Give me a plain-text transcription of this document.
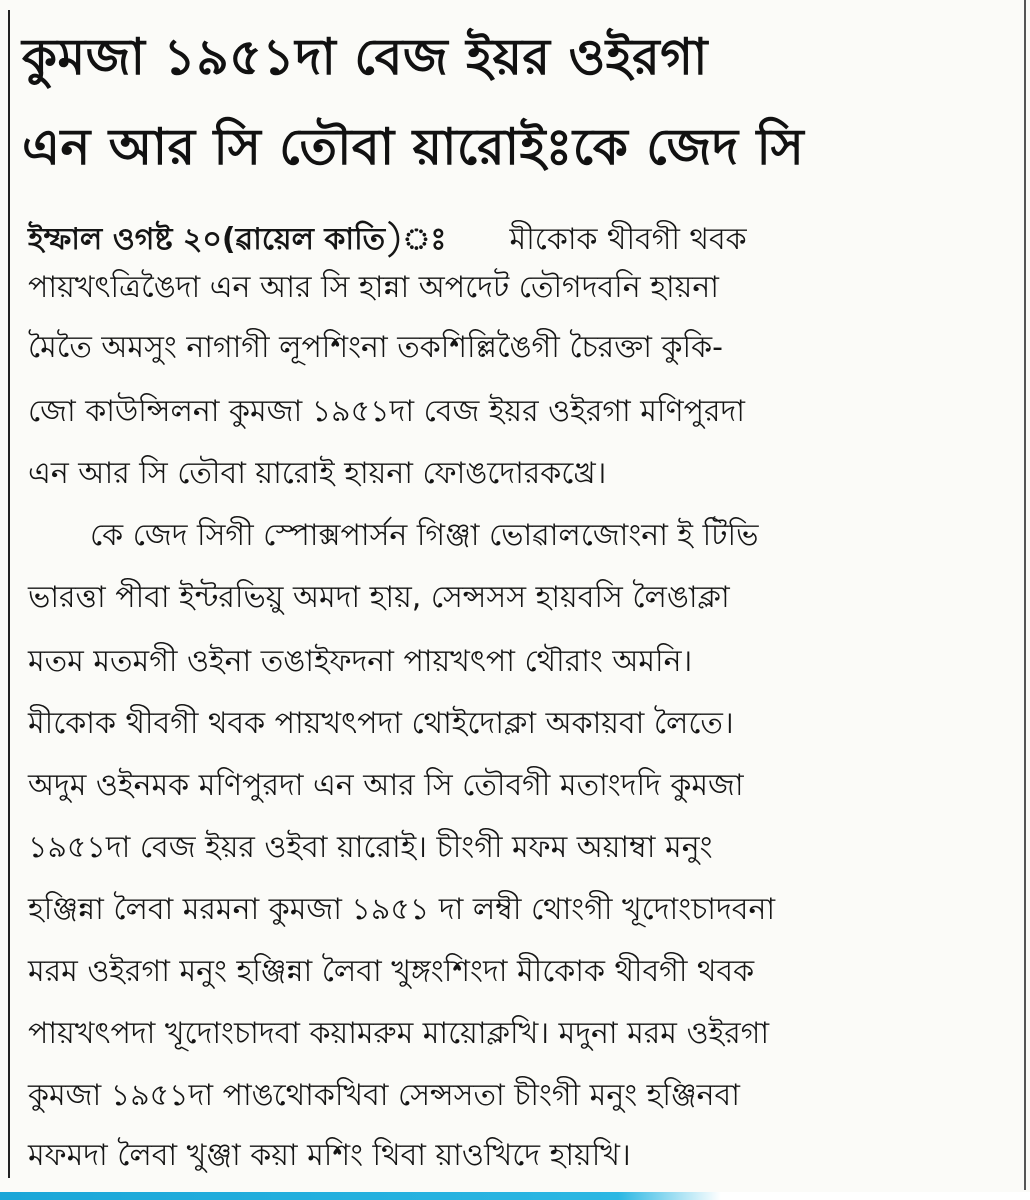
কুমজা ১৯৫১দা বেজ ইয়র ওইরগা
এন আর সি তৌবা য়ারোইঃকে জেদ সি
ইম্ফাল ওগষ্ট ২০(ৱায়েল কাতি)ঃ মীকোক থীবগী থবক
পায়খৎত্রিঙৈদা এন আর সি হান্না অপদেট তৌগদবনি হায়না
মৈতৈ অমসুং নাগাগী লূপশিংনা তকশিল্লিঙৈগী চৈরক্তা কুকি-
জো কাউন্সিলনা কুমজা ১৯৫১দা বেজ ইয়র ওইরগা মণিপুরদা
এন আর সি তৌবা য়ারোই হায়না ফোঙদোরকখ্রে।
কে জেদ সিগী স্পোক্সপার্সন গিঞ্জা ভোৱালজোংনা ই টিভি
ভারত্তা পীবা ইন্টরভিয়ু অমদা হায়, সেন্সসস হায়বসি লৈঙাক্লা
মতম মতমগী ওইনা তঙাইফদনা পায়খৎপা থৌরাং অমনি।
মীকোক থীবগী থবক পায়খৎপদা থোইদোক্লা অকায়বা লৈতে।
অদুম ওইনমক মণিপুরদা এন আর সি তৌবগী মতাংদদি কুমজা
১৯৫১দা বেজ ইয়র ওইবা য়ারোই। চীংগী মফম অয়াম্বা মনুং
হঞ্জিন্না লৈবা মরমনা কুমজা ১৯৫১ দা লম্বী থোংগী খূদোংচাদবনা
মরম ওইরগা মনুং হঞ্জিন্না লৈবা খুঙ্গংশিংদা মীকোক থীবগী থবক
পায়খৎপদা খূদোংচাদবা কয়ামরুম মায়োক্লখি। মদুনা মরম ওইরগা
কুমজা ১৯৫১দা পাঙথোকখিবা সেন্সসতা চীংগী মনুং হঞ্জিনবা
মফমদা লৈবা খুঞ্জা কয়া মশিং থিবা য়াওখিদে হায়খি।
